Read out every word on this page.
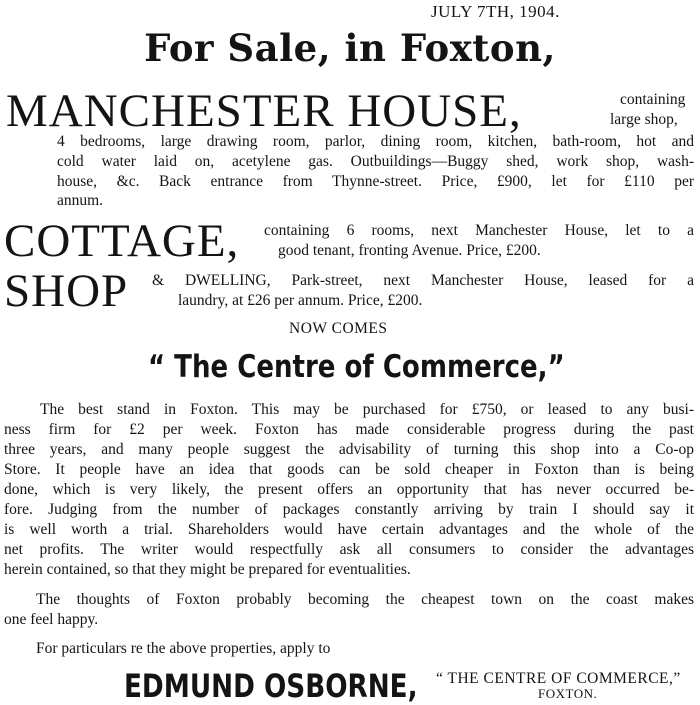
JULY 7TH, 1904.
For Sale, in Foxton,
MANCHESTER HOUSE,	containing
large shop,
4 bedrooms, large drawing room, parlor, dining room, kitchen, bath-room, hot and
cold water laid on, acetylene gas. Outbuildings—Buggy shed, work shop, wash-
house, &c. Back entrance from Thynne-street. Price, £900, let for £110 per
annum.
COTTAGE, containing 6 rooms, next Manchester House, let to a
good tenant, fronting Avenue. Price, £200.
SHOP & DWELLING, Park-street, next Manchester House, leased for a
laundry, at £26 per annum. Price, £200.
NOW COMES
“ The Centre of Commerce,”
The best stand in Foxton. This may be purchased for £750, or leased to any busi-
ness firm for £2 per week. Foxton has made considerable progress during the past
three years, and many people suggest the advisability of turning this shop into a Co-op
Store. It people have an idea that goods can be sold cheaper in Foxton than is being
done, which is very likely, the present offers an opportunity that has never occurred be-
fore. Judging from the number of packages constantly arriving by train I should say it
is well worth a trial. Shareholders would have certain advantages and the whole of the
net profits. The writer would respectfully ask all consumers to consider the advantages
herein contained, so that they might be prepared for eventualities.
The thoughts of Foxton probably becoming the cheapest town on the coast makes
one feel happy.
For particulars re the above properties, apply to
EDMUND OSBORNE, “ THE CENTRE OF COMMERCE,”
FOXTON.
